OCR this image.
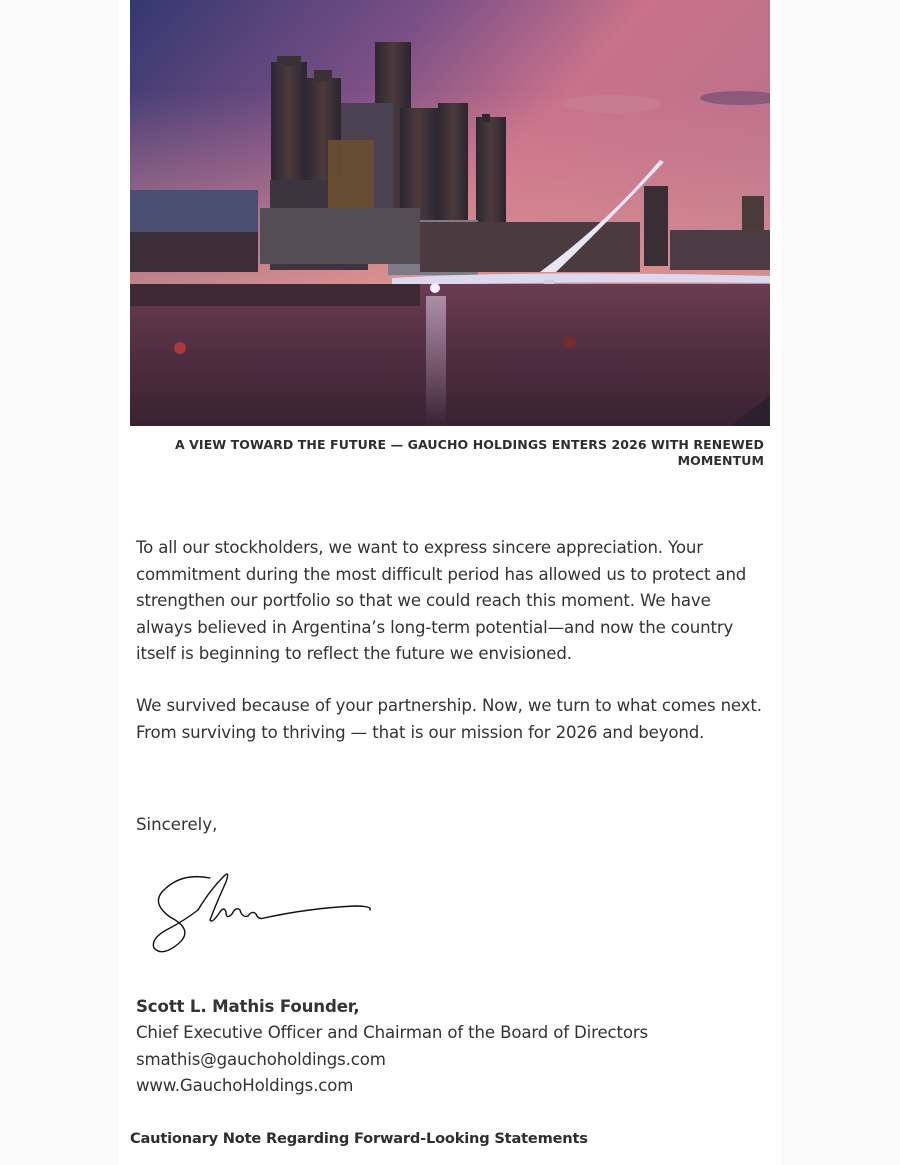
A VIEW TOWARD THE FUTURE — GAUCHO HOLDINGS ENTERS 2026 WITH RENEWED MOMENTUM

To all our stockholders, we want to express sincere appreciation. Your commitment during the most difficult period has allowed us to protect and strengthen our portfolio so that we could reach this moment. We have always believed in Argentina’s long-term potential—and now the country itself is beginning to reflect the future we envisioned.

We survived because of your partnership. Now, we turn to what comes next. From surviving to thriving — that is our mission for 2026 and beyond.

Sincerely,
Scott L. Mathis Founder,
Chief Executive Officer and Chairman of the Board of Directors
smathis@gauchoholdings.com
www.GauchoHoldings.com
Cautionary Note Regarding Forward-Looking Statements
